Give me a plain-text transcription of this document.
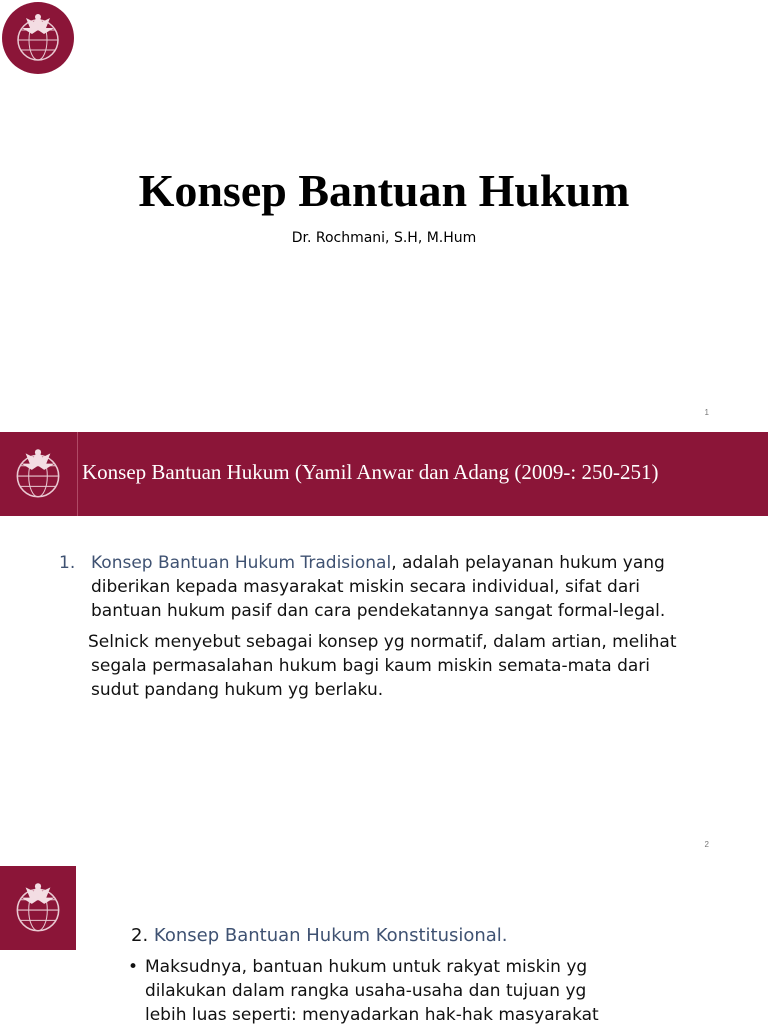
Konsep Bantuan Hukum
Dr. Rochmani, S.H, M.Hum
1
Konsep Bantuan Hukum (Yamil Anwar dan Adang (2009-: 250-251)
1. Konsep Bantuan Hukum Tradisional, adalah pelayanan hukum yang
diberikan kepada masyarakat miskin secara individual, sifat dari
bantuan hukum pasif dan cara pendekatannya sangat formal-legal.
Selnick menyebut sebagai konsep yg normatif, dalam artian, melihat
segala permasalahan hukum bagi kaum miskin semata-mata dari
sudut pandang hukum yg berlaku.
2
2. Konsep Bantuan Hukum Konstitusional.
• Maksudnya, bantuan hukum untuk rakyat miskin yg
dilakukan dalam rangka usaha-usaha dan tujuan yg
lebih luas seperti: menyadarkan hak-hak masyarakat
